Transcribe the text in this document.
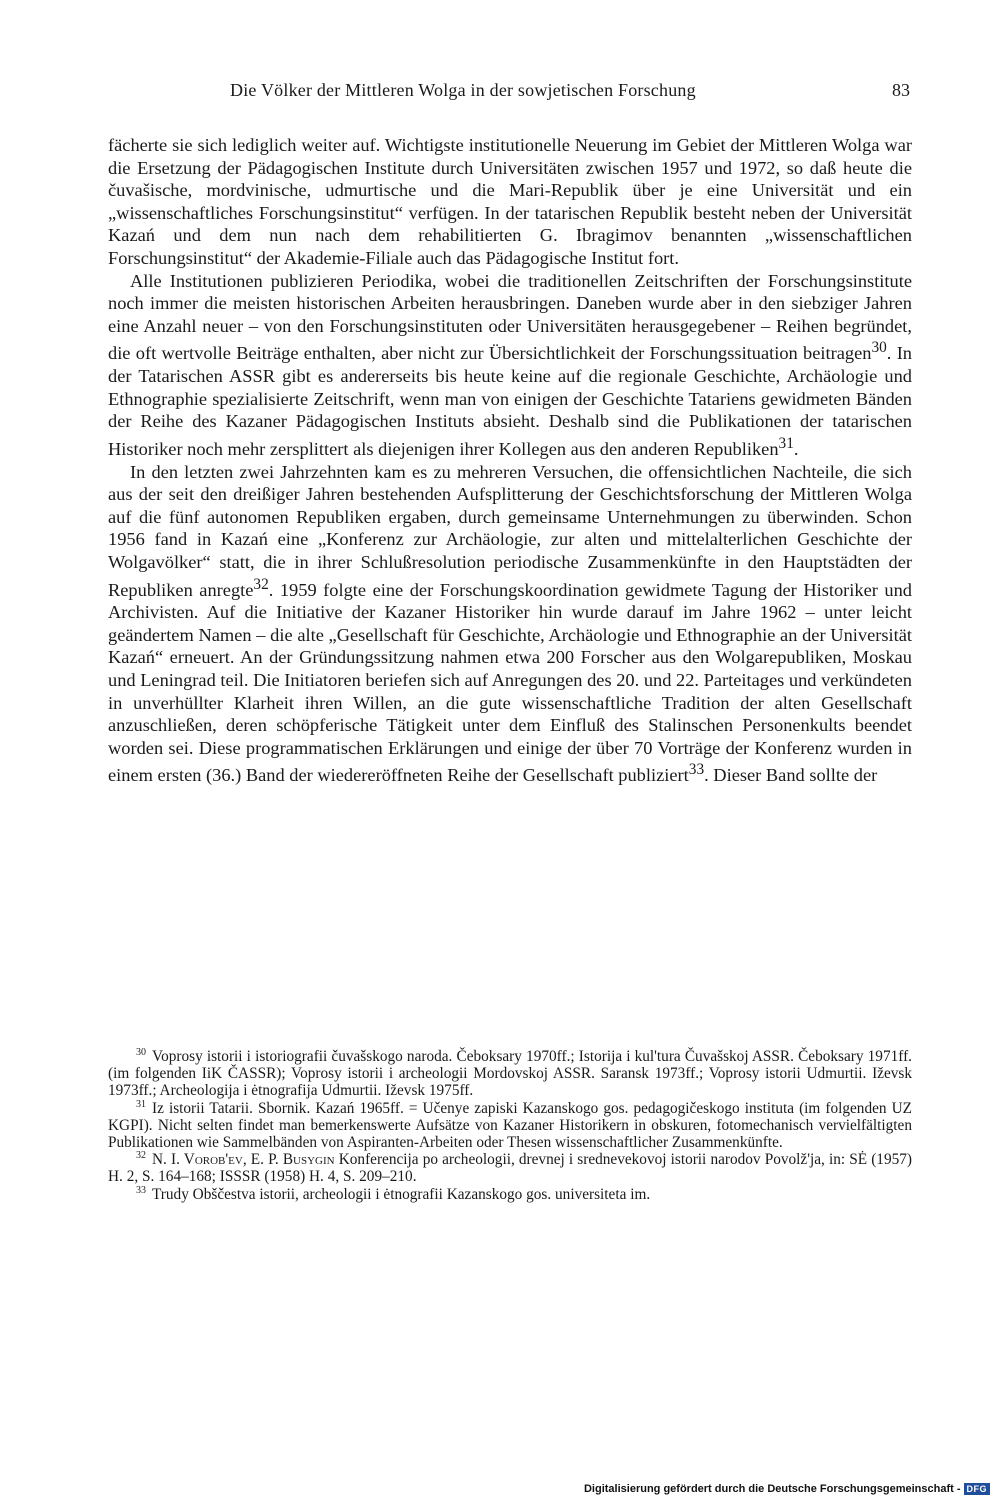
Die Völker der Mittleren Wolga in der sowjetischen Forschung	83

fächerte sie sich lediglich weiter auf. Wichtigste institutionelle Neuerung im Gebiet der Mittleren Wolga war die Ersetzung der Pädagogischen Institute durch Universitäten zwischen 1957 und 1972, so daß heute die čuvašische, mordvinische, udmurtische und die Mari-Republik über je eine Universität und ein „wissenschaftliches Forschungsinstitut“ verfügen. In der tatarischen Republik besteht neben der Universität Kazań und dem nun nach dem rehabilitierten G. Ibragimov benannten „wissenschaftlichen Forschungsinstitut“ der Akademie-Filiale auch das Pädagogische Institut fort.

Alle Institutionen publizieren Periodika, wobei die traditionellen Zeitschriften der Forschungsinstitute noch immer die meisten historischen Arbeiten herausbringen. Daneben wurde aber in den siebziger Jahren eine Anzahl neuer – von den Forschungsinstituten oder Universitäten herausgegebener – Reihen begründet, die oft wertvolle Beiträge enthalten, aber nicht zur Übersichtlichkeit der Forschungssituation beitragen$^{30}$. In der Tatarischen ASSR gibt es andererseits bis heute keine auf die regionale Geschichte, Archäologie und Ethnographie spezialisierte Zeitschrift, wenn man von einigen der Geschichte Tatariens gewidmeten Bänden der Reihe des Kazaner Pädagogischen Instituts absieht. Deshalb sind die Publikationen der tatarischen Historiker noch mehr zersplittert als diejenigen ihrer Kollegen aus den anderen Republiken$^{31}$.

In den letzten zwei Jahrzehnten kam es zu mehreren Versuchen, die offensichtlichen Nachteile, die sich aus der seit den dreißiger Jahren bestehenden Aufsplitterung der Geschichtsforschung der Mittleren Wolga auf die fünf autonomen Republiken ergaben, durch gemeinsame Unternehmungen zu überwinden. Schon 1956 fand in Kazań eine „Konferenz zur Archäologie, zur alten und mittelalterlichen Geschichte der Wolgavölker“ statt, die in ihrer Schlußresolution periodische Zusammenkünfte in den Hauptstädten der Republiken anregte$^{32}$. 1959 folgte eine der Forschungskoordination gewidmete Tagung der Historiker und Archivisten. Auf die Initiative der Kazaner Historiker hin wurde darauf im Jahre 1962 – unter leicht geändertem Namen – die alte „Gesellschaft für Geschichte, Archäologie und Ethnographie an der Universität Kazań“ erneuert. An der Gründungssitzung nahmen etwa 200 Forscher aus den Wolgarepubliken, Moskau und Leningrad teil. Die Initiatoren beriefen sich auf Anregungen des 20. und 22. Parteitages und verkündeten in unverhüllter Klarheit ihren Willen, an die gute wissenschaftliche Tradition der alten Gesellschaft anzuschließen, deren schöpferische Tätigkeit unter dem Einfluß des Stalinschen Personenkults beendet worden sei. Diese programmatischen Erklärungen und einige der über 70 Vorträge der Konferenz wurden in einem ersten (36.) Band der wiedereröffneten Reihe der Gesellschaft publiziert$^{33}$. Dieser Band sollte der

$^{30}$ Voprosy istorii i istoriografii čuvašskogo naroda. Čeboksary 1970ff.; Istorija i kul'tura Čuvašskoj ASSR. Čeboksary 1971ff. (im folgenden IiK ČASSR); Voprosy istorii i archeologii Mordovskoj ASSR. Saransk 1973ff.; Voprosy istorii Udmurtii. Iževsk 1973ff.; Archeologija i ėtnografija Udmurtii. Iževsk 1975ff.

$^{31}$ Iz istorii Tatarii. Sbornik. Kazań 1965ff. = Učenye zapiski Kazanskogo gos. pedagogičeskogo instituta (im folgenden UZ KGPI). Nicht selten findet man bemerkenswerte Aufsätze von Kazaner Historikern in obskuren, fotomechanisch vervielfältigten Publikationen wie Sammelbänden von Aspiranten-Arbeiten oder Thesen wissenschaftlicher Zusammenkünfte.

$^{32}$ N. I. Vorob'ev, E. P. Busygin Konferencija po archeologii, drevnej i srednevekovoj istorii narodov Povolž'ja, in: SĖ (1957) H. 2, S. 164–168; ISSSR (1958) H. 4, S. 209–210.

$^{33}$ Trudy Obščestva istorii, archeologii i ėtnografii Kazanskogo gos. universiteta im.

Digitalisierung gefördert durch die Deutsche Forschungsgemeinschaft - DFG
